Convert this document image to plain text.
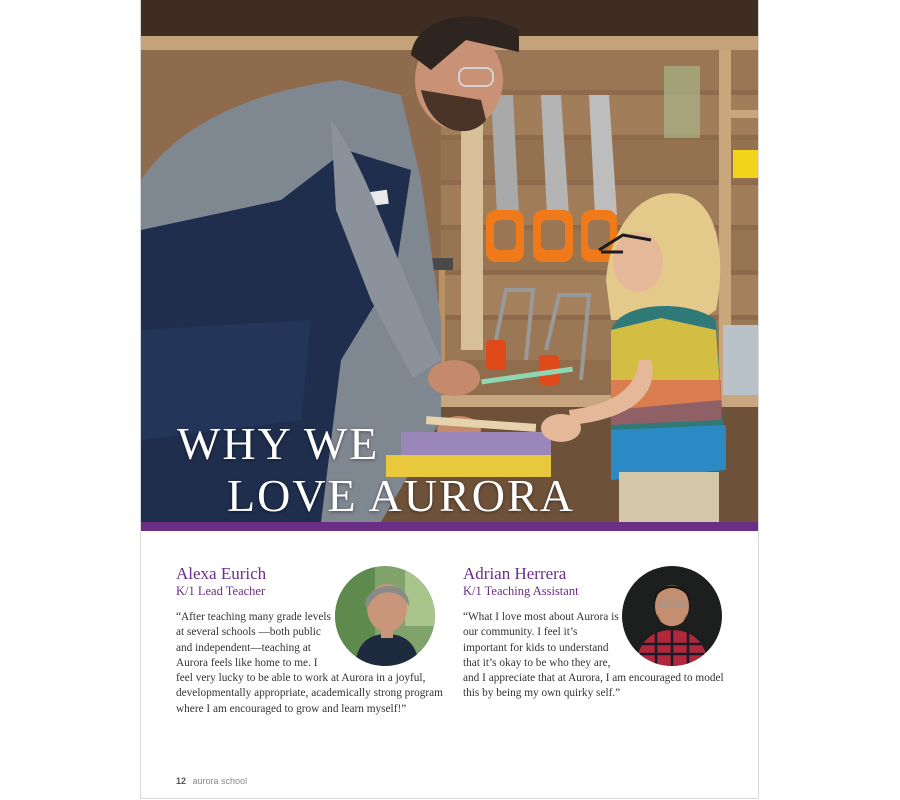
WHY WE
LOVE AURORA
Alexa Eurich
K/1 Lead Teacher
“After teaching many grade levels at several schools —both public and independent—teaching at Aurora feels like home to me. I feel very lucky to be able to work at Aurora in a joyful, developmentally appropriate, academically strong program where I am encouraged to grow and learn myself!”
Adrian Herrera
K/1 Teaching Assistant
“What I love most about Aurora is our community. I feel it’s important for kids to understand that it’s okay to be who they are, and I appreciate that at Aurora, I am encouraged to model this by being my own quirky self.”
12 aurora school
